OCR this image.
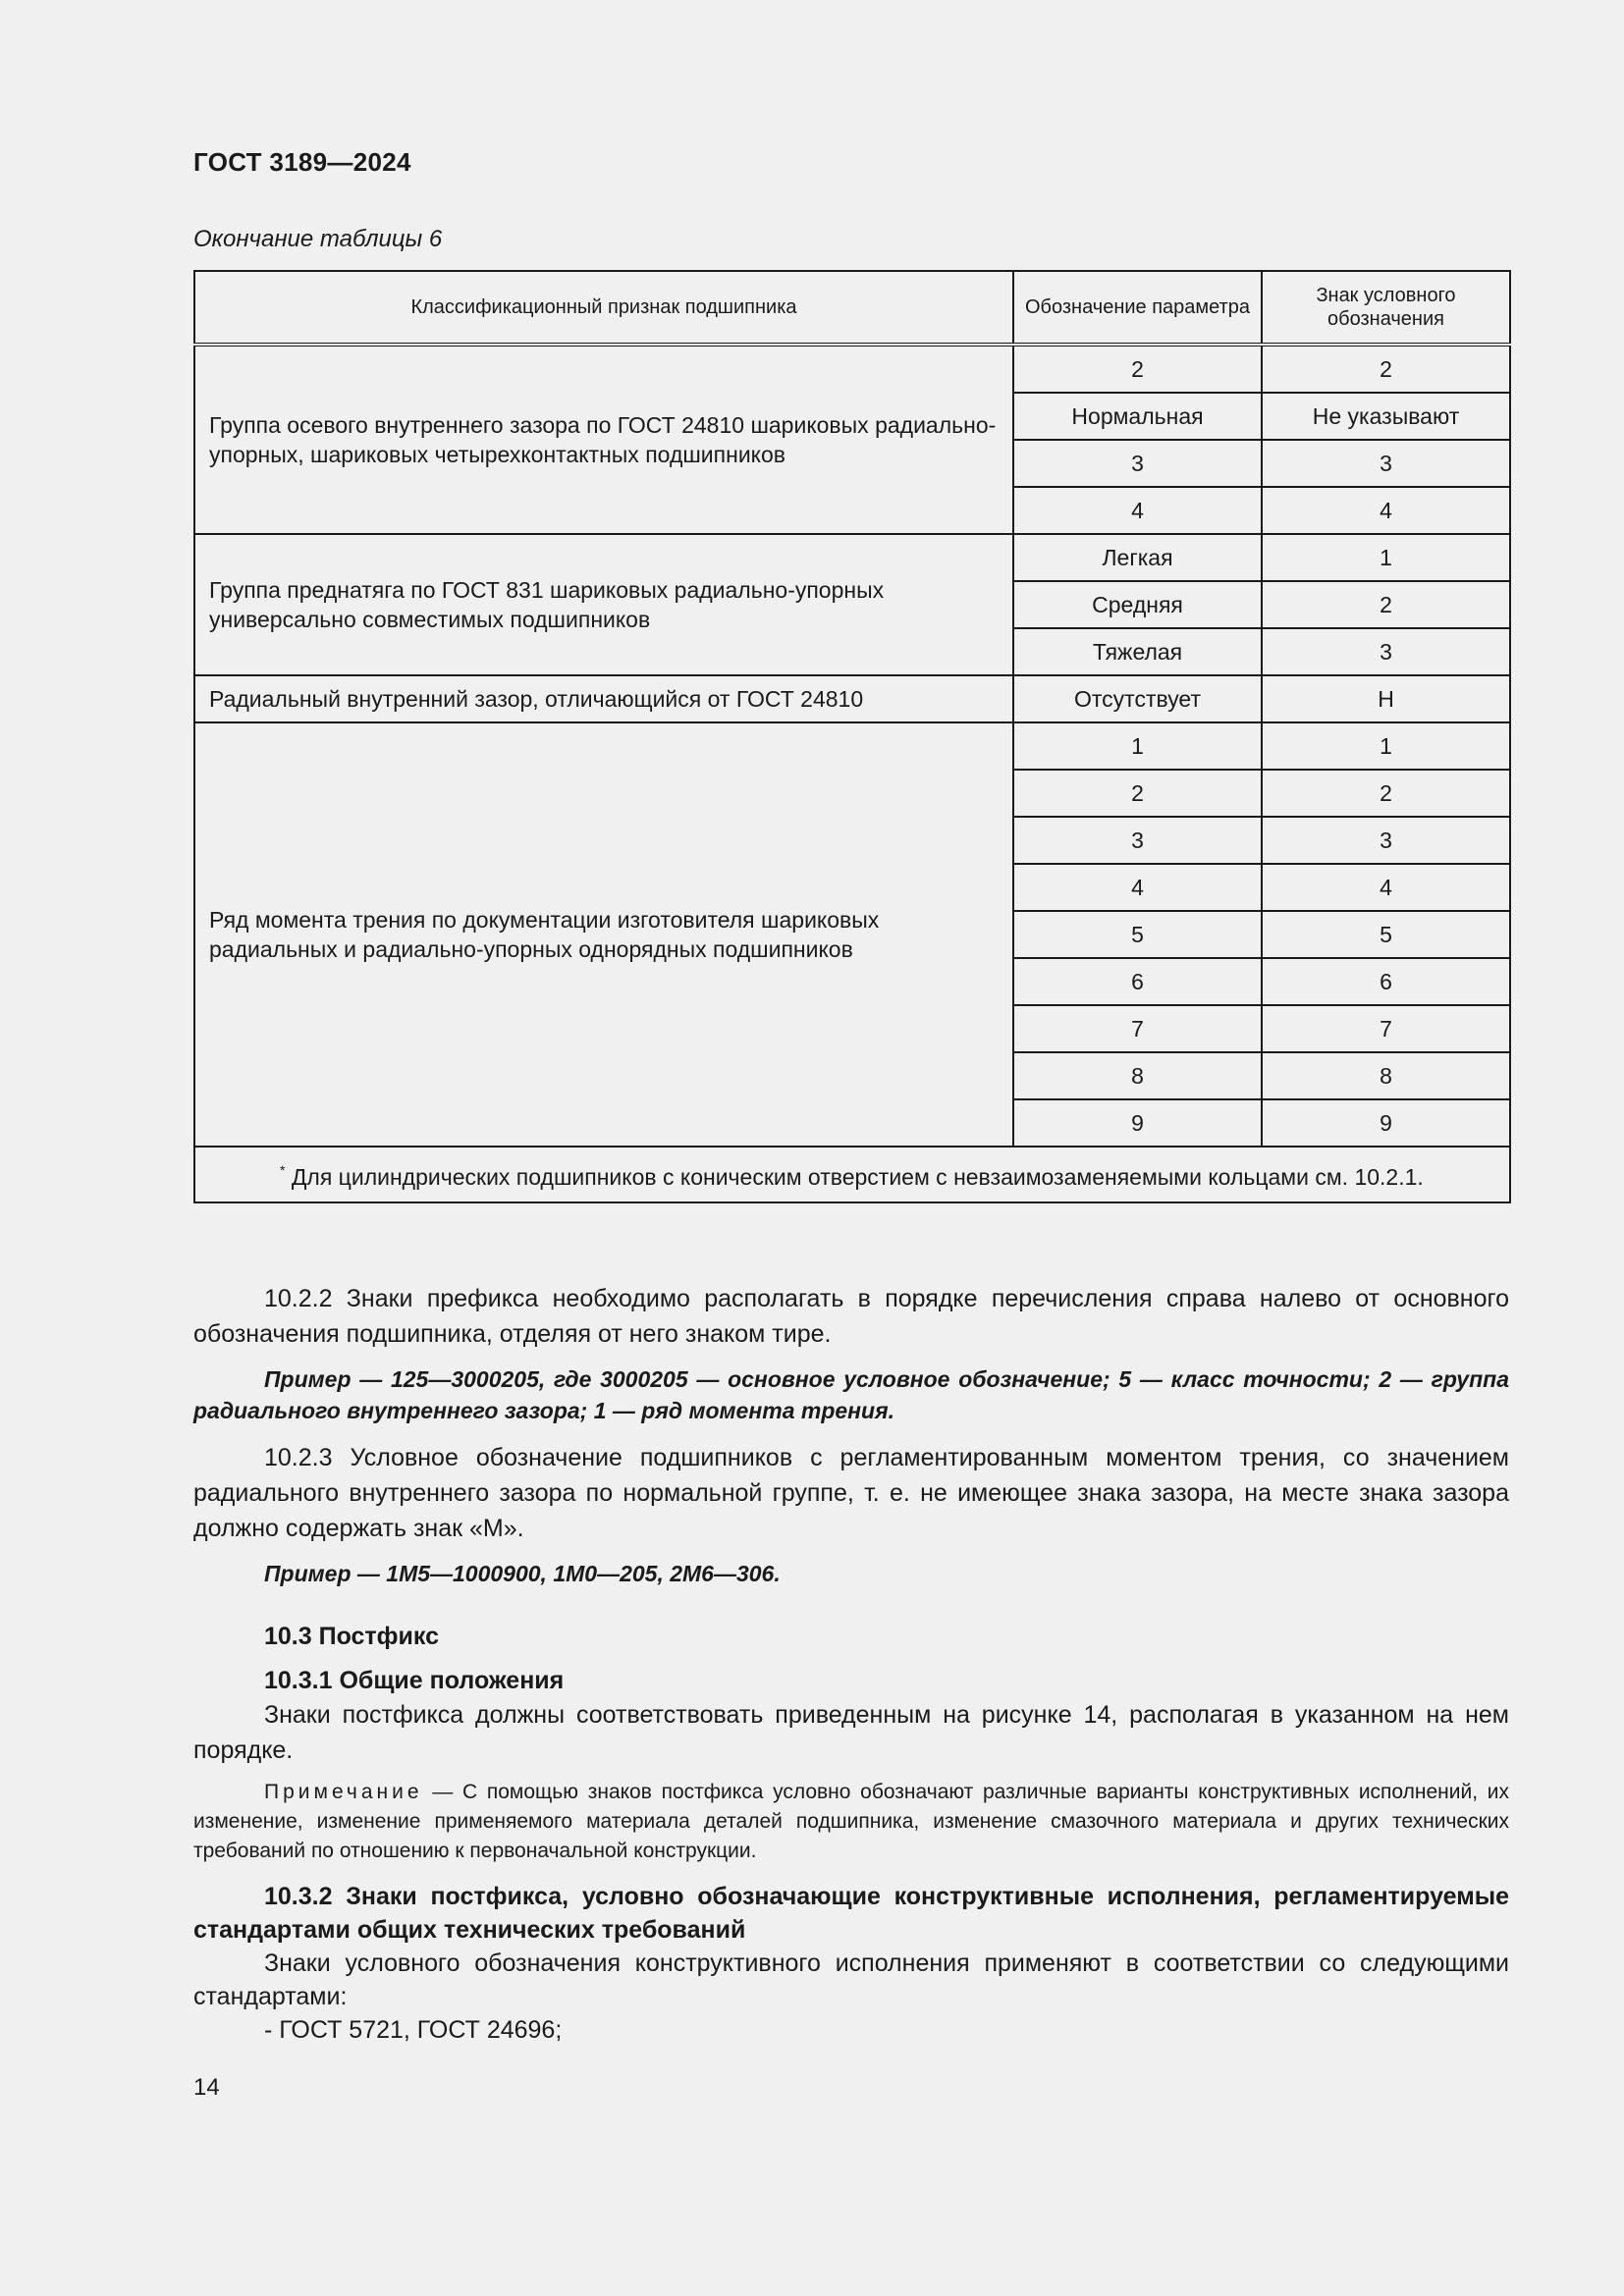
ГОСТ 3189—2024
Окончание таблицы 6
Классификационный признак подшипника	Обозначение параметра	Знак условного обозначения
Группа осевого внутреннего зазора по ГОСТ 24810 шариковых радиально-упорных, шариковых четырехконтактных подшипников	2	2
	Нормальная	Не указывают
	3	3
	4	4
Группа преднатяга по ГОСТ 831 шариковых радиально-упорных универсально совместимых подшипников	Легкая	1
	Средняя	2
	Тяжелая	3
Радиальный внутренний зазор, отличающийся от ГОСТ 24810	Отсутствует	Н
Ряд момента трения по документации изготовителя шариковых радиальных и радиально-упорных однорядных подшипников	1	1
	2	2
	3	3
	4	4
	5	5
	6	6
	7	7
	8	8
	9	9
* Для цилиндрических подшипников с коническим отверстием с невзаимозаменяемыми кольцами см. 10.2.1.		

10.2.2 Знаки префикса необходимо располагать в порядке перечисления справа налево от основного обозначения подшипника, отделяя от него знаком тире.

Пример — 125—3000205, где 3000205 — основное условное обозначение; 5 — класс точности; 2 — группа радиального внутреннего зазора; 1 — ряд момента трения.

10.2.3 Условное обозначение подшипников с регламентированным моментом трения, со значением радиального внутреннего зазора по нормальной группе, т. е. не имеющее знака зазора, на месте знака зазора должно содержать знак «М».

Пример — 1М5—1000900, 1М0—205, 2М6—306.

10.3 Постфикс

10.3.1 Общие положения

Знаки постфикса должны соответствовать приведенным на рисунке 14, располагая в указанном на нем порядке.

Примечание — С помощью знаков постфикса условно обозначают различные варианты конструктивных исполнений, их изменение, изменение применяемого материала деталей подшипника, изменение смазочного материала и других технических требований по отношению к первоначальной конструкции.

10.3.2 Знаки постфикса, условно обозначающие конструктивные исполнения, регламентируемые стандартами общих технических требований

Знаки условного обозначения конструктивного исполнения применяют в соответствии со следующими стандартами:

- ГОСТ 5721, ГОСТ 24696;

14
